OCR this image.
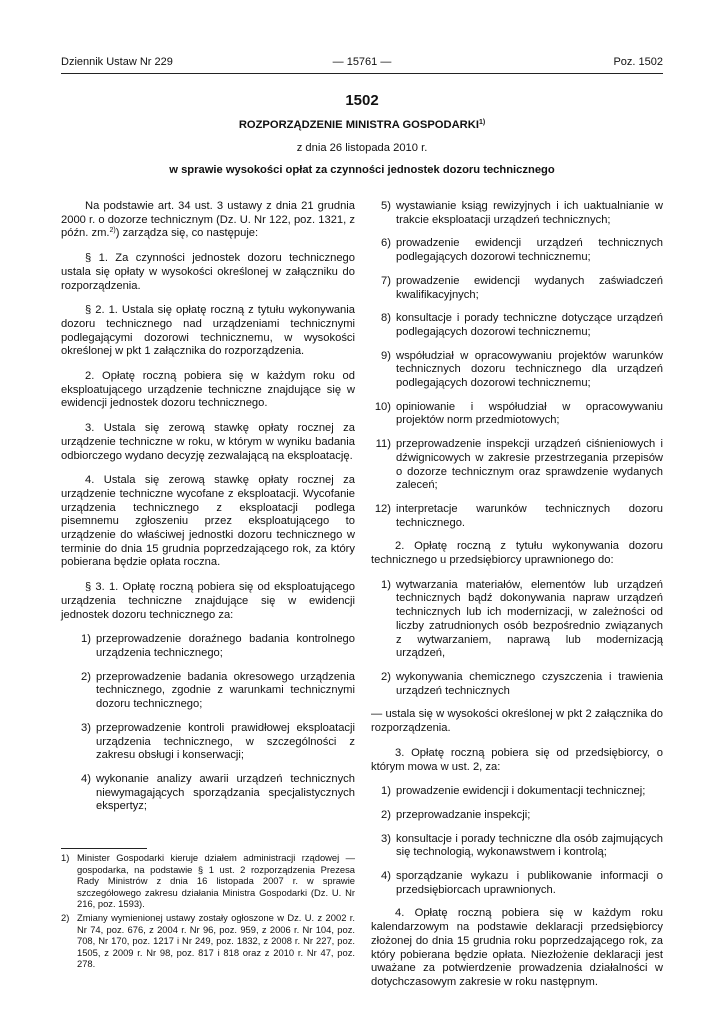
Dziennik Ustaw Nr 229	— 15761 —	Poz. 1502

1502

ROZPORZĄDZENIE MINISTRA GOSPODARKI$^{1)}$

z dnia 26 listopada 2010 r.

w sprawie wysokości opłat za czynności jednostek dozoru technicznego

Na podstawie art. 34 ust. 3 ustawy z dnia 21 grudnia 2000 r. o dozorze technicznym (Dz. U. Nr 122, poz. 1321, z późn. zm.$^{2)}$) zarządza się, co następuje:

§ 1. Za czynności jednostek dozoru technicznego ustala się opłaty w wysokości określonej w załączniku do rozporządzenia.

§ 2. 1. Ustala się opłatę roczną z tytułu wykonywania dozoru technicznego nad urządzeniami technicznymi podlegającymi dozorowi technicznemu, w wysokości określonej w pkt 1 załącznika do rozporządzenia.

2. Opłatę roczną pobiera się w każdym roku od eksploatującego urządzenie techniczne znajdujące się w ewidencji jednostek dozoru technicznego.

3. Ustala się zerową stawkę opłaty rocznej za urządzenie techniczne w roku, w którym w wyniku badania odbiorczego wydano decyzję zezwalającą na eksploatację.

4. Ustala się zerową stawkę opłaty rocznej za urządzenie techniczne wycofane z eksploatacji. Wycofanie urządzenia technicznego z eksploatacji podlega pisemnemu zgłoszeniu przez eksploatującego to urządzenie do właściwej jednostki dozoru technicznego w terminie do dnia 15 grudnia poprzedzającego rok, za który pobierana będzie opłata roczna.

§ 3. 1. Opłatę roczną pobiera się od eksploatującego urządzenia techniczne znajdujące się w ewidencji jednostek dozoru technicznego za:

1) przeprowadzenie doraźnego badania kontrolnego urządzenia technicznego;
2) przeprowadzenie badania okresowego urządzenia technicznego, zgodnie z warunkami technicznymi dozoru technicznego;
3) przeprowadzenie kontroli prawidłowej eksploatacji urządzenia technicznego, w szczególności z zakresu obsługi i konserwacji;
4) wykonanie analizy awarii urządzeń technicznych niewymagających sporządzania specjalistycznych ekspertyz;
1) Minister Gospodarki kieruje działem administracji rządowej — gospodarka, na podstawie § 1 ust. 2 rozporządzenia Prezesa Rady Ministrów z dnia 16 listopada 2007 r. w sprawie szczegółowego zakresu działania Ministra Gospodarki (Dz. U. Nr 216, poz. 1593).
2) Zmiany wymienionej ustawy zostały ogłoszone w Dz. U. z 2002 r. Nr 74, poz. 676, z 2004 r. Nr 96, poz. 959, z 2006 r. Nr 104, poz. 708, Nr 170, poz. 1217 i Nr 249, poz. 1832, z 2008 r. Nr 227, poz. 1505, z 2009 r. Nr 98, poz. 817 i 818 oraz z 2010 r. Nr 47, poz. 278.
5) wystawianie ksiąg rewizyjnych i ich uaktualnianie w trakcie eksploatacji urządzeń technicznych;
6) prowadzenie ewidencji urządzeń technicznych podlegających dozorowi technicznemu;
7) prowadzenie ewidencji wydanych zaświadczeń kwalifikacyjnych;
8) konsultacje i porady techniczne dotyczące urządzeń podlegających dozorowi technicznemu;
9) współudział w opracowywaniu projektów warunków technicznych dozoru technicznego dla urządzeń podlegających dozorowi technicznemu;
10) opiniowanie i współudział w opracowywaniu projektów norm przedmiotowych;
11) przeprowadzenie inspekcji urządzeń ciśnieniowych i dźwignicowych w zakresie przestrzegania przepisów o dozorze technicznym oraz sprawdzenie wydanych zaleceń;
12) interpretacje warunków technicznych dozoru technicznego.

2. Opłatę roczną z tytułu wykonywania dozoru technicznego u przedsiębiorcy uprawnionego do:

1) wytwarzania materiałów, elementów lub urządzeń technicznych bądź dokonywania napraw urządzeń technicznych lub ich modernizacji, w zależności od liczby zatrudnionych osób bezpośrednio związanych z wytwarzaniem, naprawą lub modernizacją urządzeń,
2) wykonywania chemicznego czyszczenia i trawienia urządzeń technicznych

— ustala się w wysokości określonej w pkt 2 załącznika do rozporządzenia.

3. Opłatę roczną pobiera się od przedsiębiorcy, o którym mowa w ust. 2, za:

1) prowadzenie ewidencji i dokumentacji technicznej;
2) przeprowadzanie inspekcji;
3) konsultacje i porady techniczne dla osób zajmujących się technologią, wykonawstwem i kontrolą;
4) sporządzanie wykazu i publikowanie informacji o przedsiębiorcach uprawnionych.

4. Opłatę roczną pobiera się w każdym roku kalendarzowym na podstawie deklaracji przedsiębiorcy złożonej do dnia 15 grudnia roku poprzedzającego rok, za który pobierana będzie opłata. Niezłożenie deklaracji jest uważane za potwierdzenie prowadzenia działalności w dotychczasowym zakresie w roku następnym.
